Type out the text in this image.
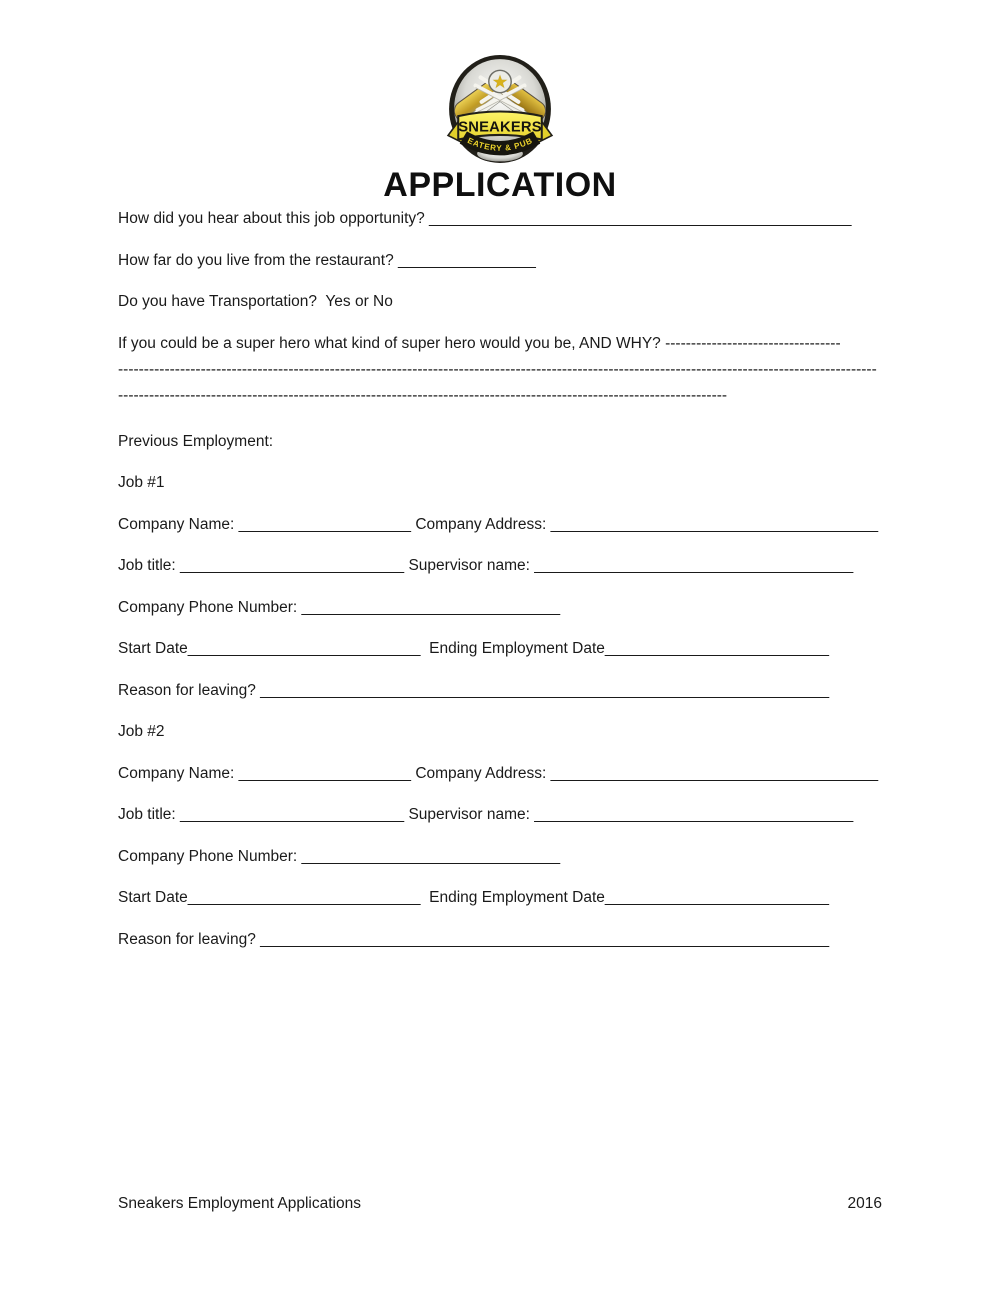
SNEAKERS
EATERY & PUB
APPLICATION
How did you hear about this job opportunity? _________________________________________________
How far do you live from the restaurant? ________________
Do you have Transportation?  Yes or No
If you could be a super hero what kind of super hero would you be, AND WHY? ----------------------------------
---------------------------------------------------------------------------------------------------------------------------------------------------
----------------------------------------------------------------------------------------------------------------------
Previous Employment:
Job #1
Company Name: ____________________ Company Address: ______________________________________
Job title: __________________________ Supervisor name: _____________________________________
Company Phone Number: ______________________________
Start Date___________________________  Ending Employment Date__________________________
Reason for leaving? __________________________________________________________________
Job #2
Company Name: ____________________ Company Address: ______________________________________
Job title: __________________________ Supervisor name: _____________________________________
Company Phone Number: ______________________________
Start Date___________________________  Ending Employment Date__________________________
Reason for leaving? __________________________________________________________________
Sneakers Employment Applications	2016
